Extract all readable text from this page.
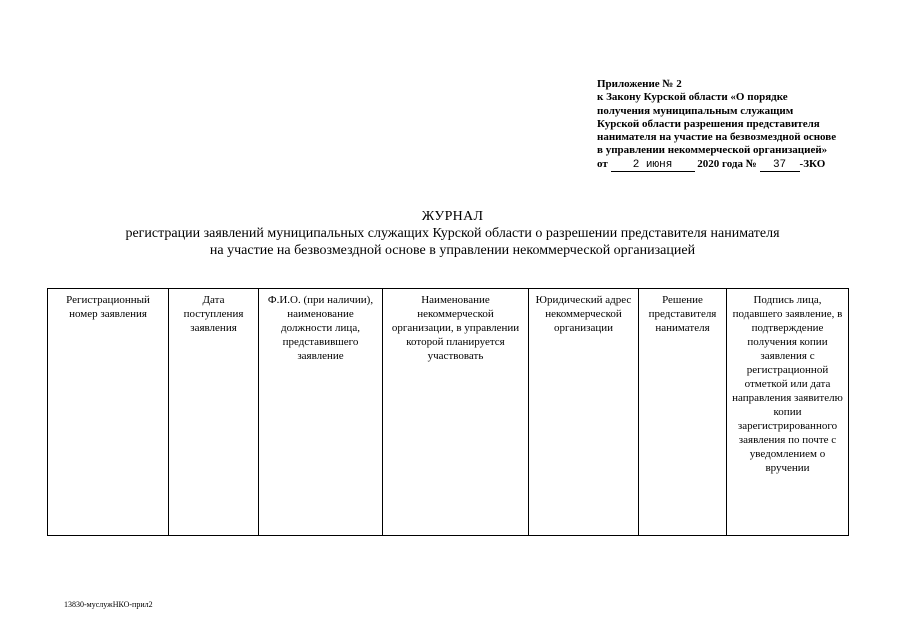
Приложение № 2
к Закону Курской области «О порядке
получения муниципальным служащим
Курской области разрешения представителя
нанимателя на участие на безвозмездной основе
в управлении некоммерческой организацией»
от 2 июня 2020 года № 37 -ЗКО
ЖУРНАЛ
регистрации заявлений муниципальных служащих Курской области о разрешении представителя нанимателя
на участие на безвозмездной основе в управлении некоммерческой организацией
Регистрационный номер заявления	Дата поступления заявления	Ф.И.О. (при наличии), наименование должности лица, представившего заявление	Наименование некоммерческой организации, в управлении которой планируется участвовать	Юридический адрес некоммерческой организации	Решение представителя нанимателя	Подпись лица, подавшего заявление, в подтверждение получения копии заявления с регистрационной отметкой или дата направления заявителю копии зарегистрированного заявления по почте с уведомлением о вручении
13830-муслужНКО-прил2
